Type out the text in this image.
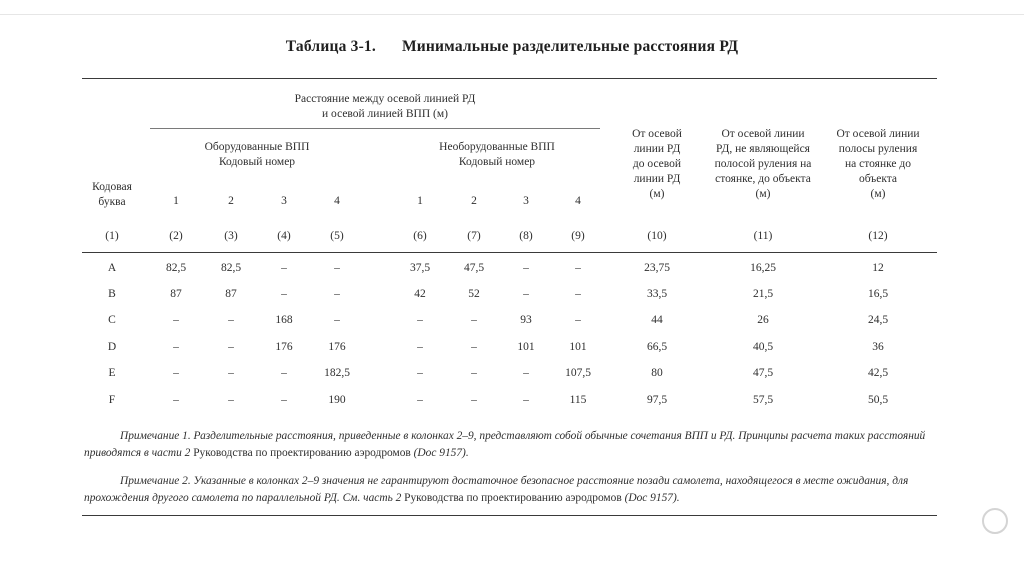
Таблица 3-1. Минимальные разделительные расстояния РД
Расстояние между осевой линией РД
и осевой линией ВПП (м)
Оборудованные ВПП
Кодовый номер
Необорудованные ВПП
Кодовый номер
Кодовая
буква	1	2	3	4	1	2	3	4
От осевой
линии РД
до осевой
линии РД
(м)
От осевой линии
РД, не являющейся
полосой руления на
стоянке, до объекта
(м)
От осевой линии
полосы руления
на стоянке до
объекта
(м)
(1)	(2)	(3)	(4)	(5)	(6)	(7)	(8)	(9)	(10)	(11)	(12)
A	82,5	82,5	–	–	37,5	47,5	–	–	23,75	16,25	12
B	87	87	–	–	42	52	–	–	33,5	21,5	16,5
C	–	–	168	–	–	–	93	–	44	26	24,5
D	–	–	176	176	–	–	101	101	66,5	40,5	36
E	–	–	–	182,5	–	–	–	107,5	80	47,5	42,5
F	–	–	–	190	–	–	–	115	97,5	57,5	50,5
Примечание 1. Разделительные расстояния, приведенные в колонках 2–9, представляют собой обычные сочетания ВПП и РД. Принципы расчета таких расстояний приводятся в части 2 Руководства по проектированию аэродромов (Doc 9157).
Примечание 2. Указанные в колонках 2–9 значения не гарантируют достаточное безопасное расстояние позади самолета, находящегося в месте ожидания, для прохождения другого самолета по параллельной РД. См. часть 2 Руководства по проектированию аэродромов (Doc 9157).
